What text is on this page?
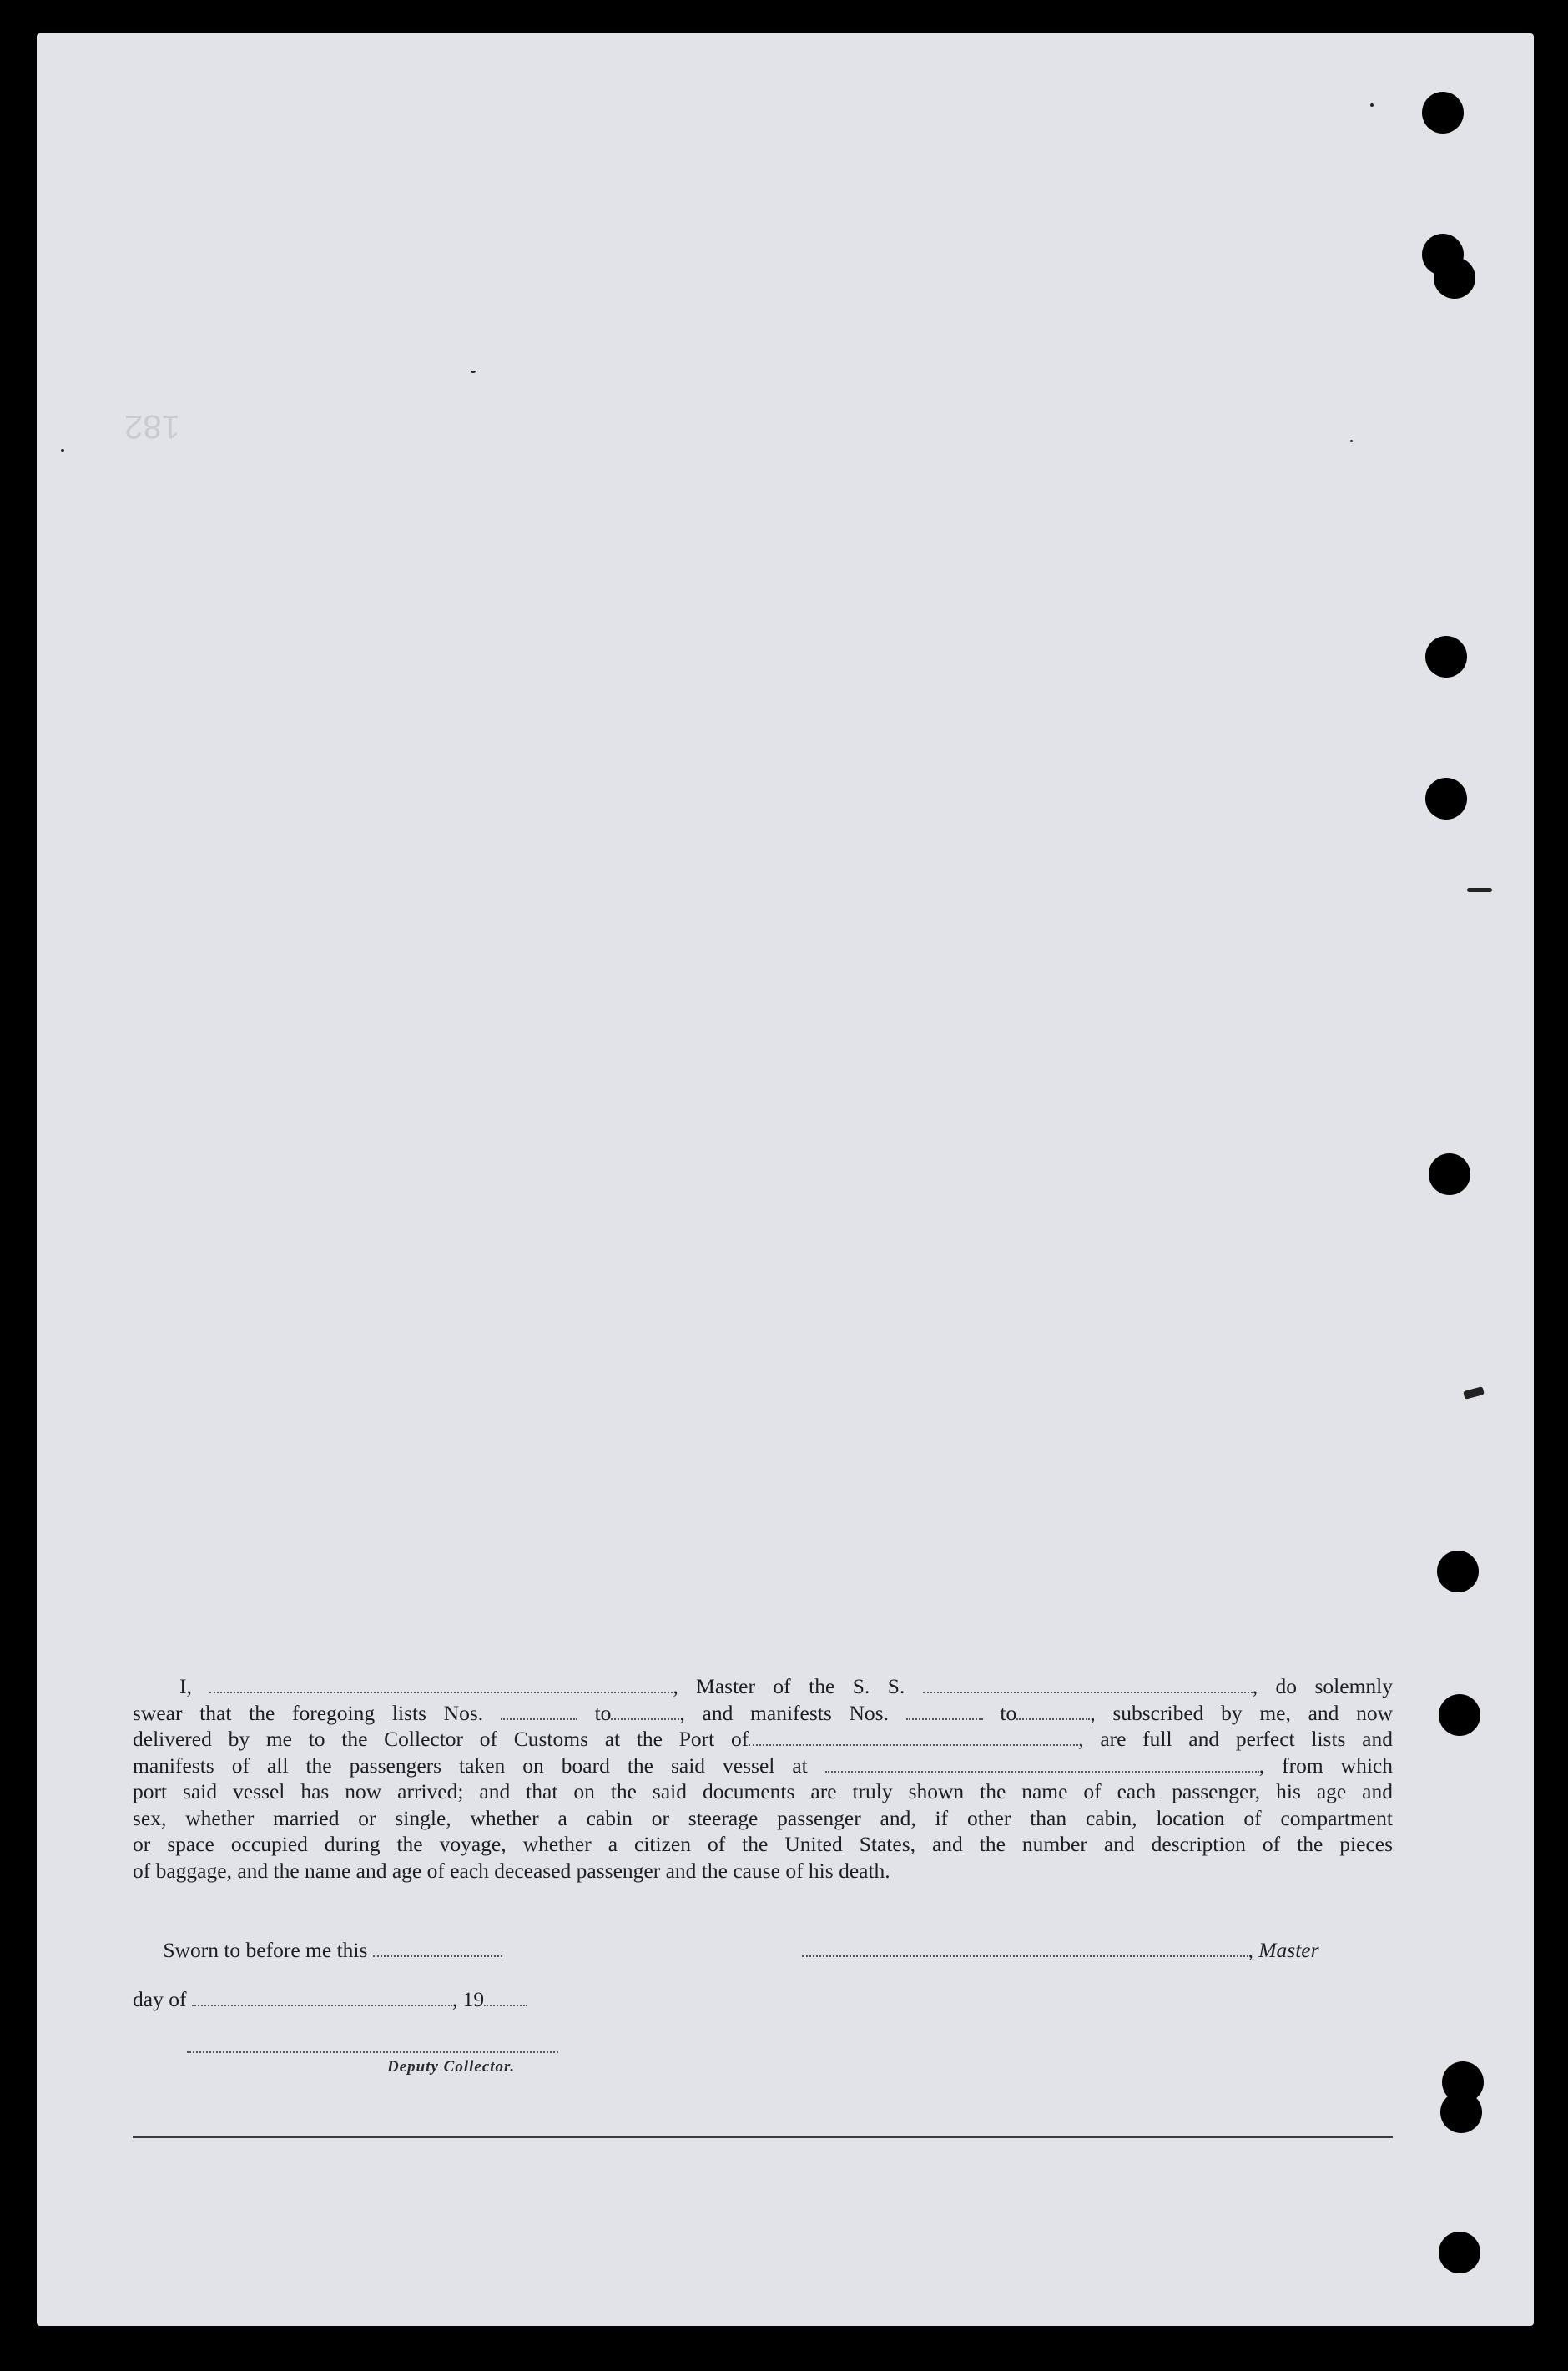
182

I,	, Master of the S. S.	, do solemnly

swear that the foregoing lists Nos.	to	, and manifests Nos.	to	, subscribed by me, and now

delivered by me to the Collector of Customs at the Port of	, are full and perfect lists and

manifests of all the passengers taken on board the said vessel at	, from which

port said vessel has now arrived; and that on the said documents are truly shown the name of each passenger, his age and

sex, whether married or single, whether a cabin or steerage passenger and, if other than cabin, location of compartment

or space occupied during the voyage, whether a citizen of the United States, and the number and description of the pieces

of baggage, and the name and age of each deceased passenger and the cause of his death.

Sworn to before me this	, Master
day of	, 19
Deputy Collector.
